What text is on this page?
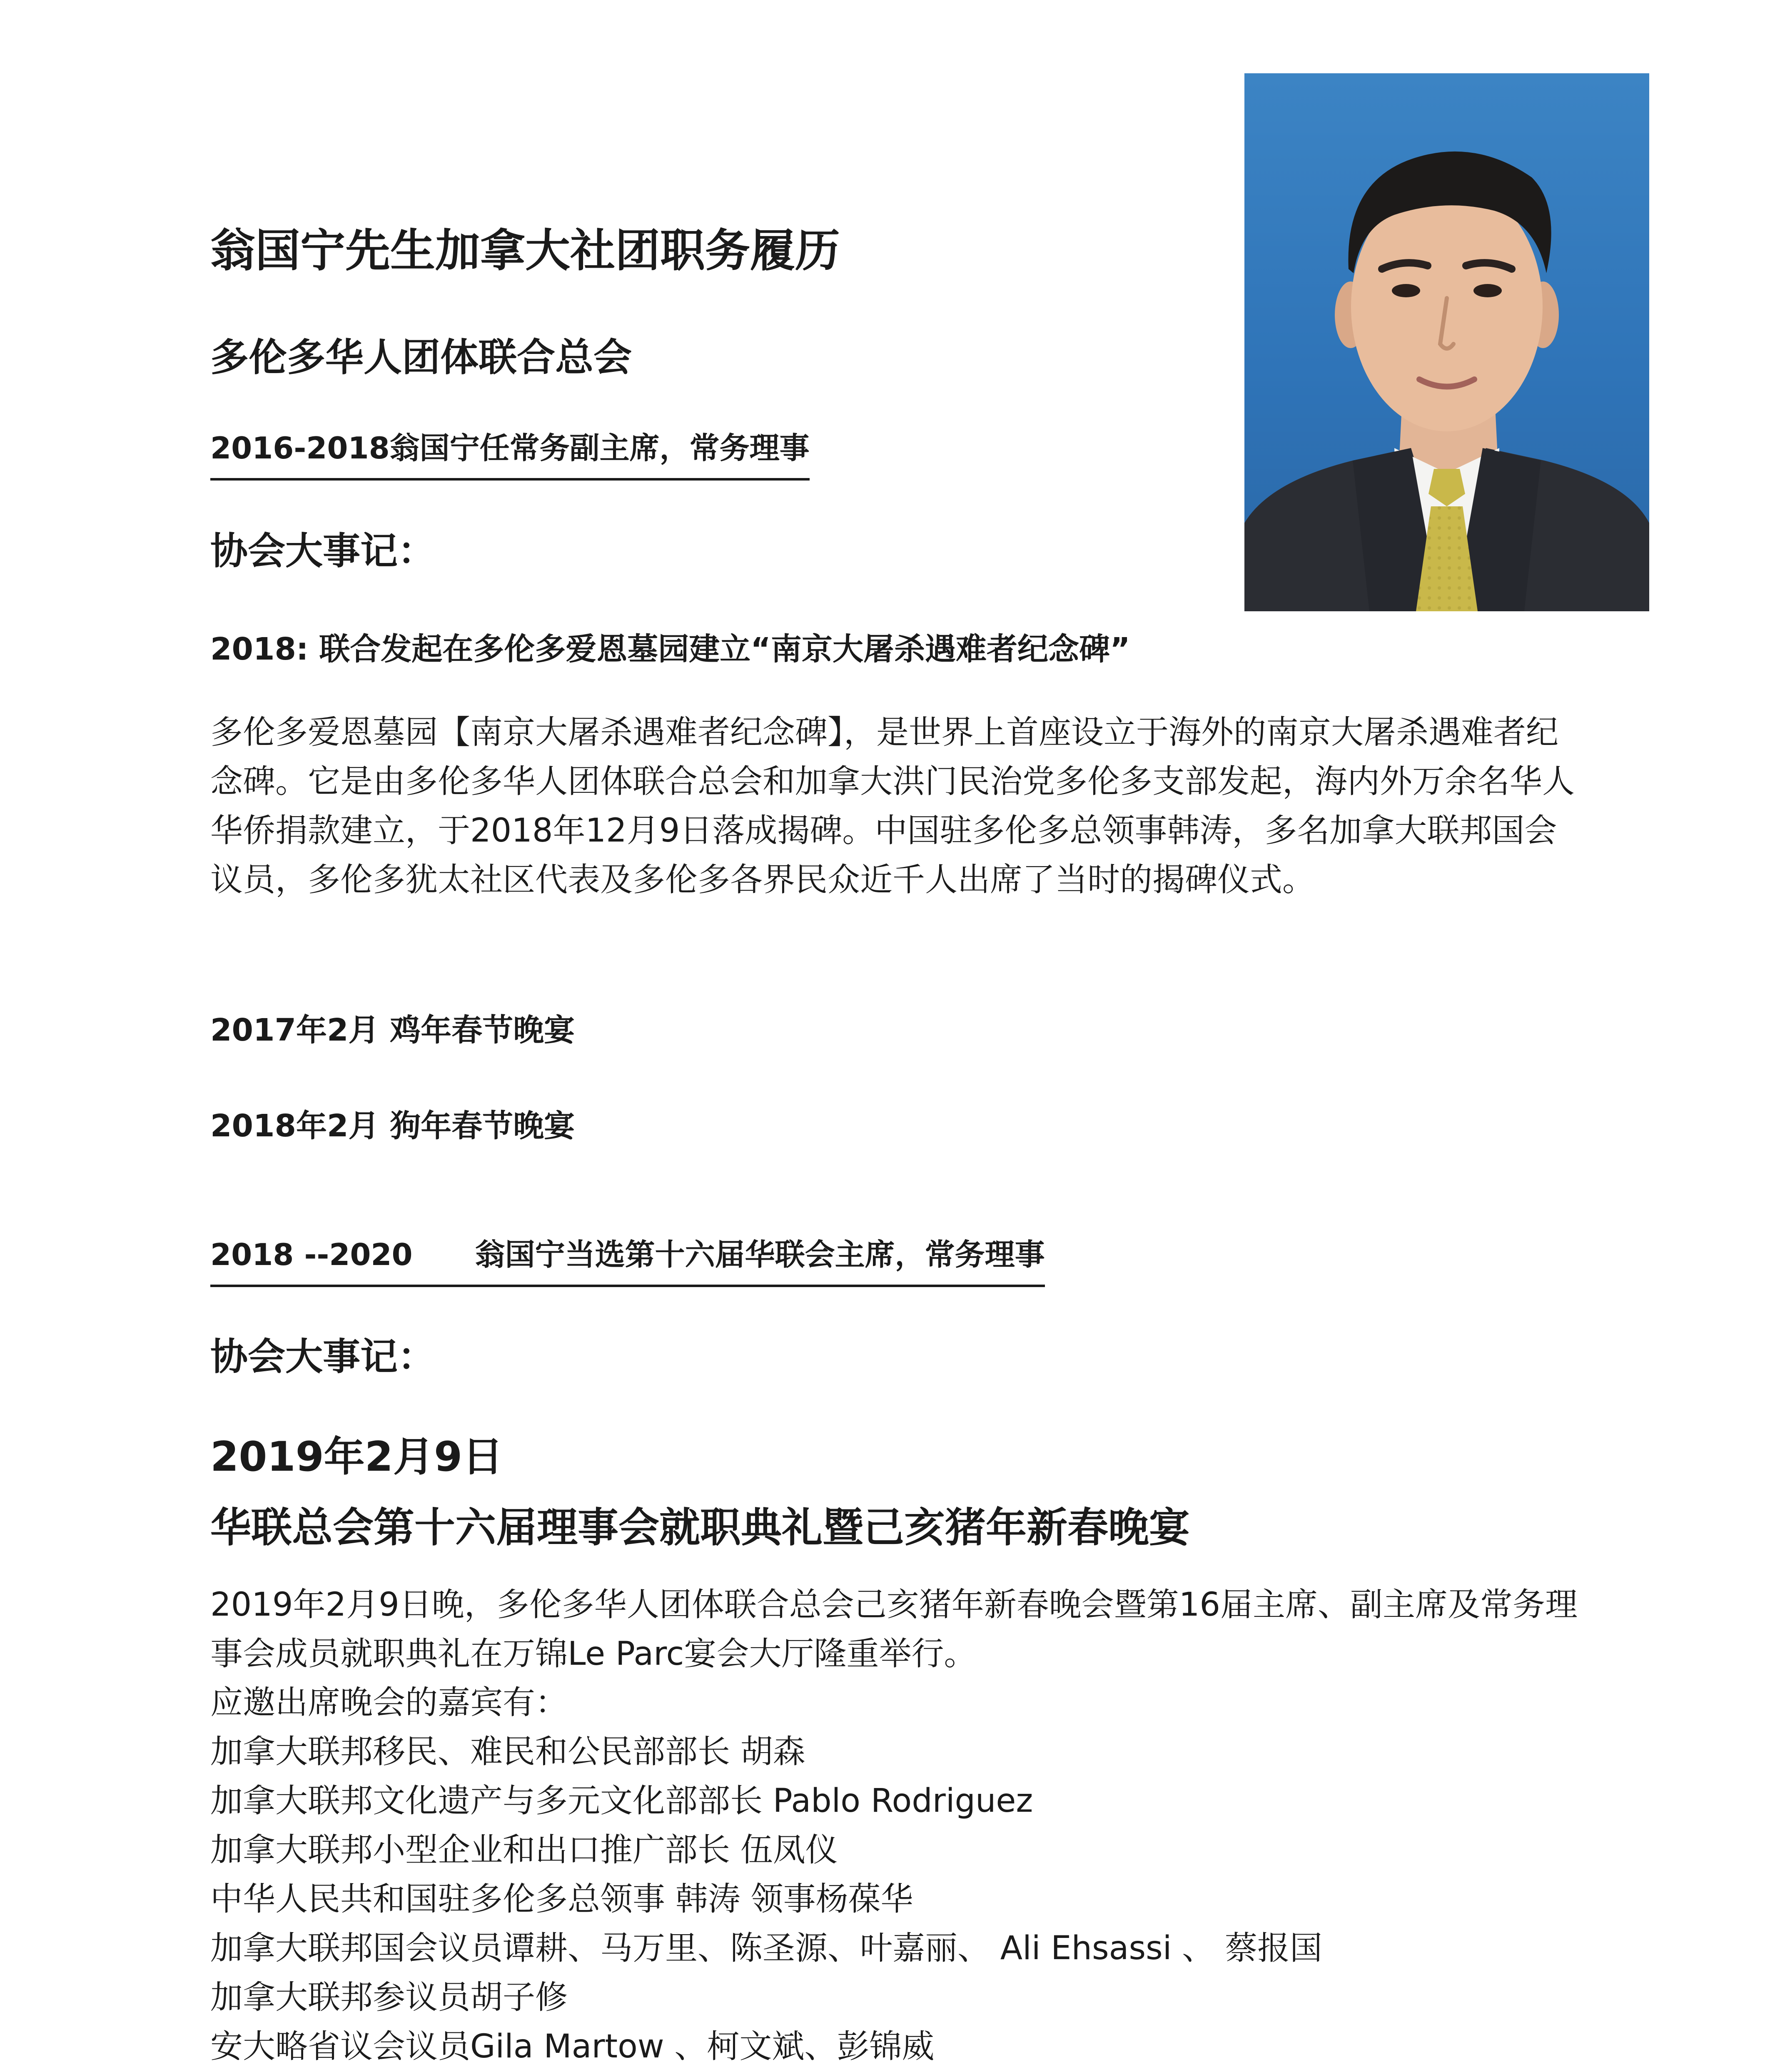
翁国宁先生加拿大社团职务履历
多伦多华人团体联合总会
2016-2018翁国宁任常务副主席，常务理事
协会大事记：
2018: 联合发起在多伦多爱恩墓园建立“南京大屠杀遇难者纪念碑”

多伦多爱恩墓园【南京大屠杀遇难者纪念碑】，是世界上首座设立于海外的南京大屠杀遇难者纪念碑。它是由多伦多华人团体联合总会和加拿大洪门民治党多伦多支部发起，海内外万余名华人华侨捐款建立，于2018年12月9日落成揭碑。中国驻多伦多总领事韩涛，多名加拿大联邦国会议员，多伦多犹太社区代表及多伦多各界民众近千人出席了当时的揭碑仪式。

2017年2月 鸡年春节晚宴
2018年2月 狗年春节晚宴
2018 --2020 翁国宁当选第十六届华联会主席，常务理事
协会大事记：
2019年2月9日
华联总会第十六届理事会就职典礼暨己亥猪年新春晚宴

2019年2月9日晚，多伦多华人团体联合总会己亥猪年新春晚会暨第16届主席、副主席及常务理事会成员就职典礼在万锦Le Parc宴会大厅隆重举行。

应邀出席晚会的嘉宾有：
加拿大联邦移民、难民和公民部部长 胡森
加拿大联邦文化遗产与多元文化部部长 Pablo Rodriguez
加拿大联邦小型企业和出口推广部长 伍凤仪
中华人民共和国驻多伦多总领事 韩涛 领事杨葆华
加拿大联邦国会议员谭耕、马万里、陈圣源、叶嘉丽、 Ali Ehsassi 、 蔡报国
加拿大联邦参议员胡子修
安大略省议会议员Gila Martow 、柯文斌、彭锦威
